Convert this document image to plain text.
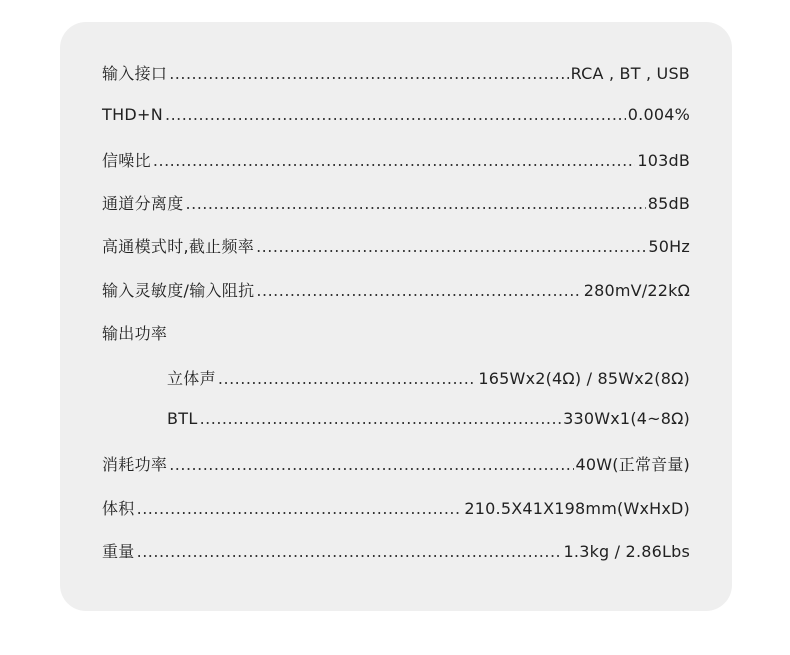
输入接口 .....	RCA , BT , USB
THD+N .....	0.004%
信噪比 .....	103dB
通道分离度 .....	85dB
高通模式时,截止频率 .....	50Hz
输入灵敏度/输入阻抗 .....	280mV/22kΩ
输出功率
立体声 .....	165Wx2(4Ω) / 85Wx2(8Ω)
BTL .....	330Wx1(4~8Ω)
消耗功率 .....	40W(正常音量)
体积 .....	210.5X41X198mm(WxHxD)
重量 .....	1.3kg / 2.86Lbs
